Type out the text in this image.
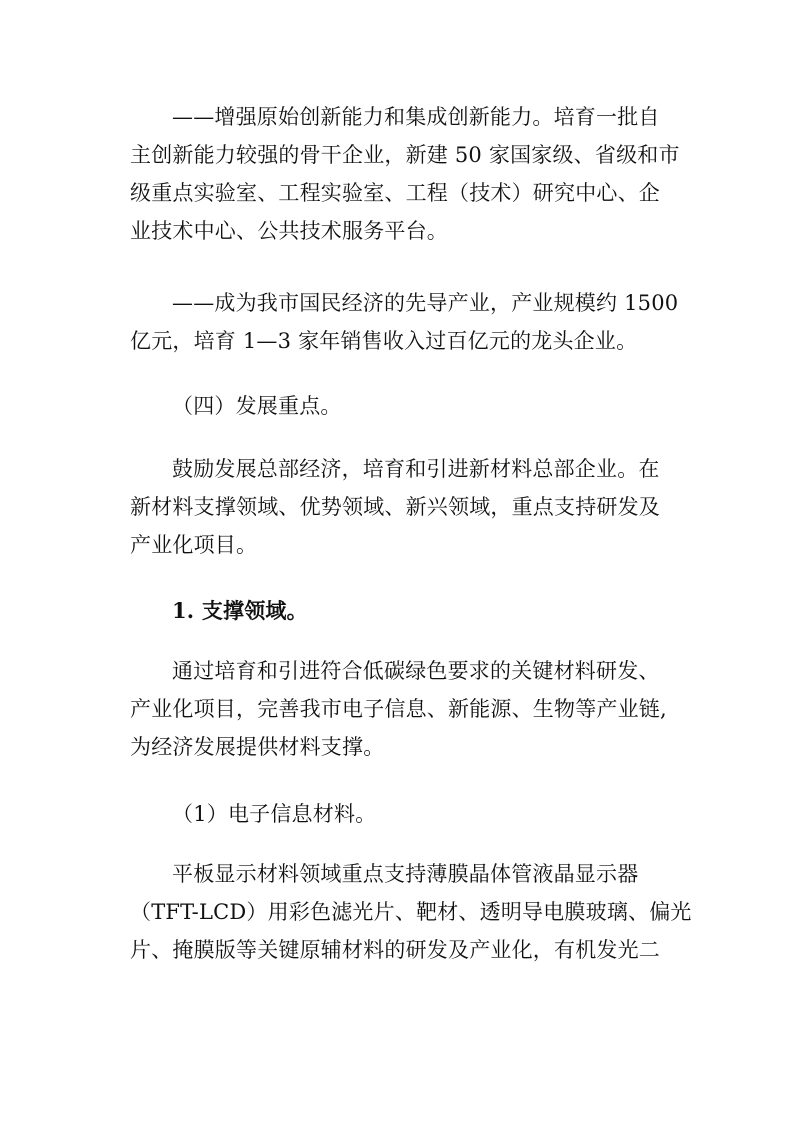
——增强原始创新能力和集成创新能力。培育一批自
主创新能力较强的骨干企业，新建 50 家国家级、省级和市
级重点实验室、工程实验室、工程（技术）研究中心、企
业技术中心、公共技术服务平台。
——成为我市国民经济的先导产业，产业规模约 1500
亿元，培育 1—3 家年销售收入过百亿元的龙头企业。
（四）发展重点。
鼓励发展总部经济，培育和引进新材料总部企业。在
新材料支撑领域、优势领域、新兴领域，重点支持研发及
产业化项目。
1. 支撑领域。
通过培育和引进符合低碳绿色要求的关键材料研发、
产业化项目，完善我市电子信息、新能源、生物等产业链,
为经济发展提供材料支撑。
（1）电子信息材料。
平板显示材料领域重点支持薄膜晶体管液晶显示器
（TFT-LCD）用彩色滤光片、靶材、透明导电膜玻璃、偏光
片、掩膜版等关键原辅材料的研发及产业化，有机发光二
